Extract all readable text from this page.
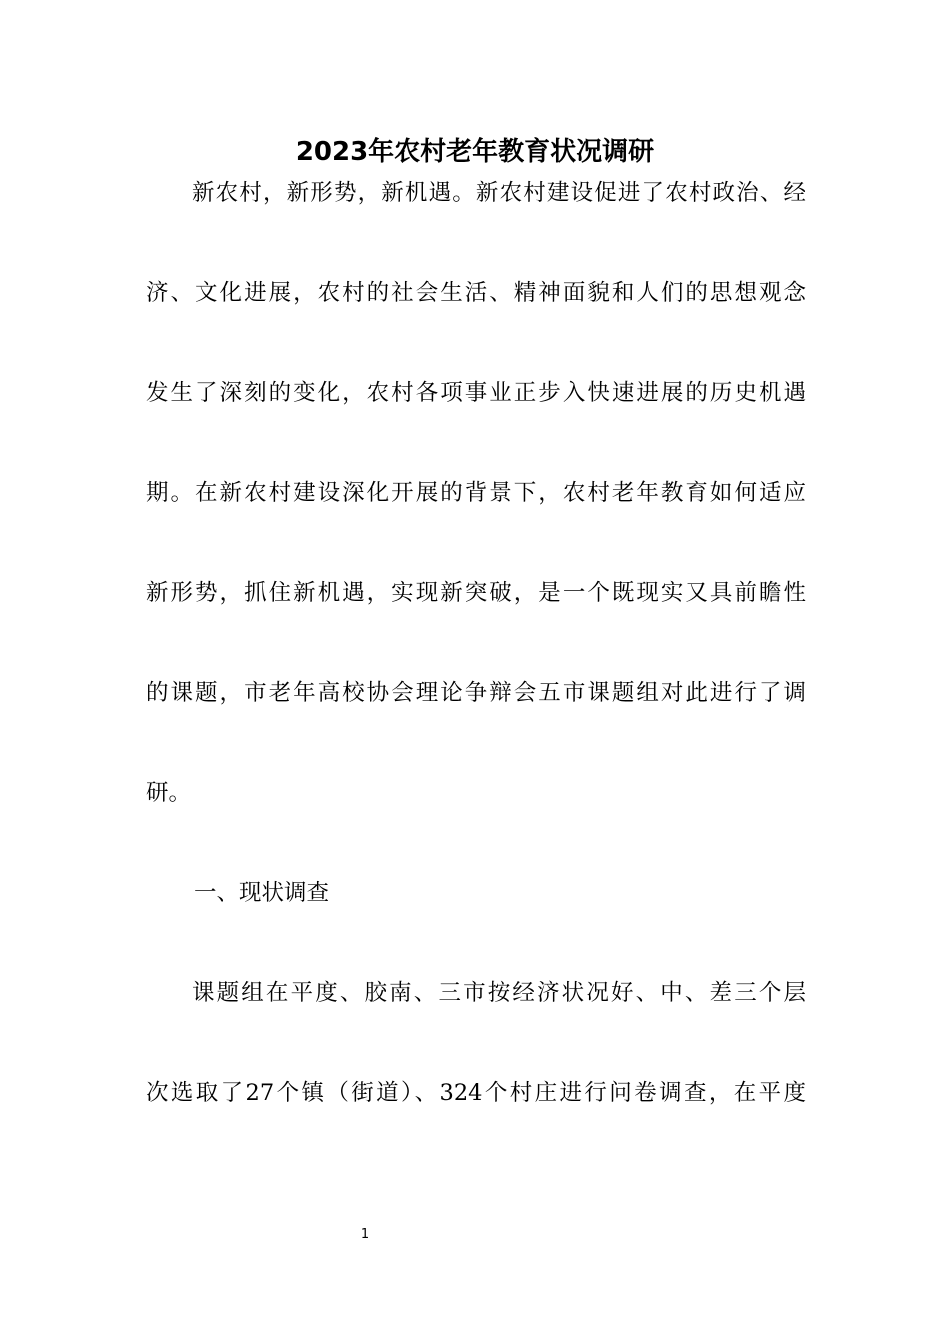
2023年农村老年教育状况调研
新农村，新形势，新机遇。新农村建设促进了农村政治、经
济、文化进展，农村的社会生活、精神面貌和人们的思想观念
发生了深刻的变化，农村各项事业正步入快速进展的历史机遇
期。在新农村建设深化开展的背景下，农村老年教育如何适应
新形势，抓住新机遇，实现新突破，是一个既现实又具前瞻性
的课题，市老年高校协会理论争辩会五市课题组对此进行了调
研。
一、现状调查
课题组在平度、胶南、三市按经济状况好、中、差三个层
次选取了27个镇（街道）、324个村庄进行问卷调查，在平度
1
